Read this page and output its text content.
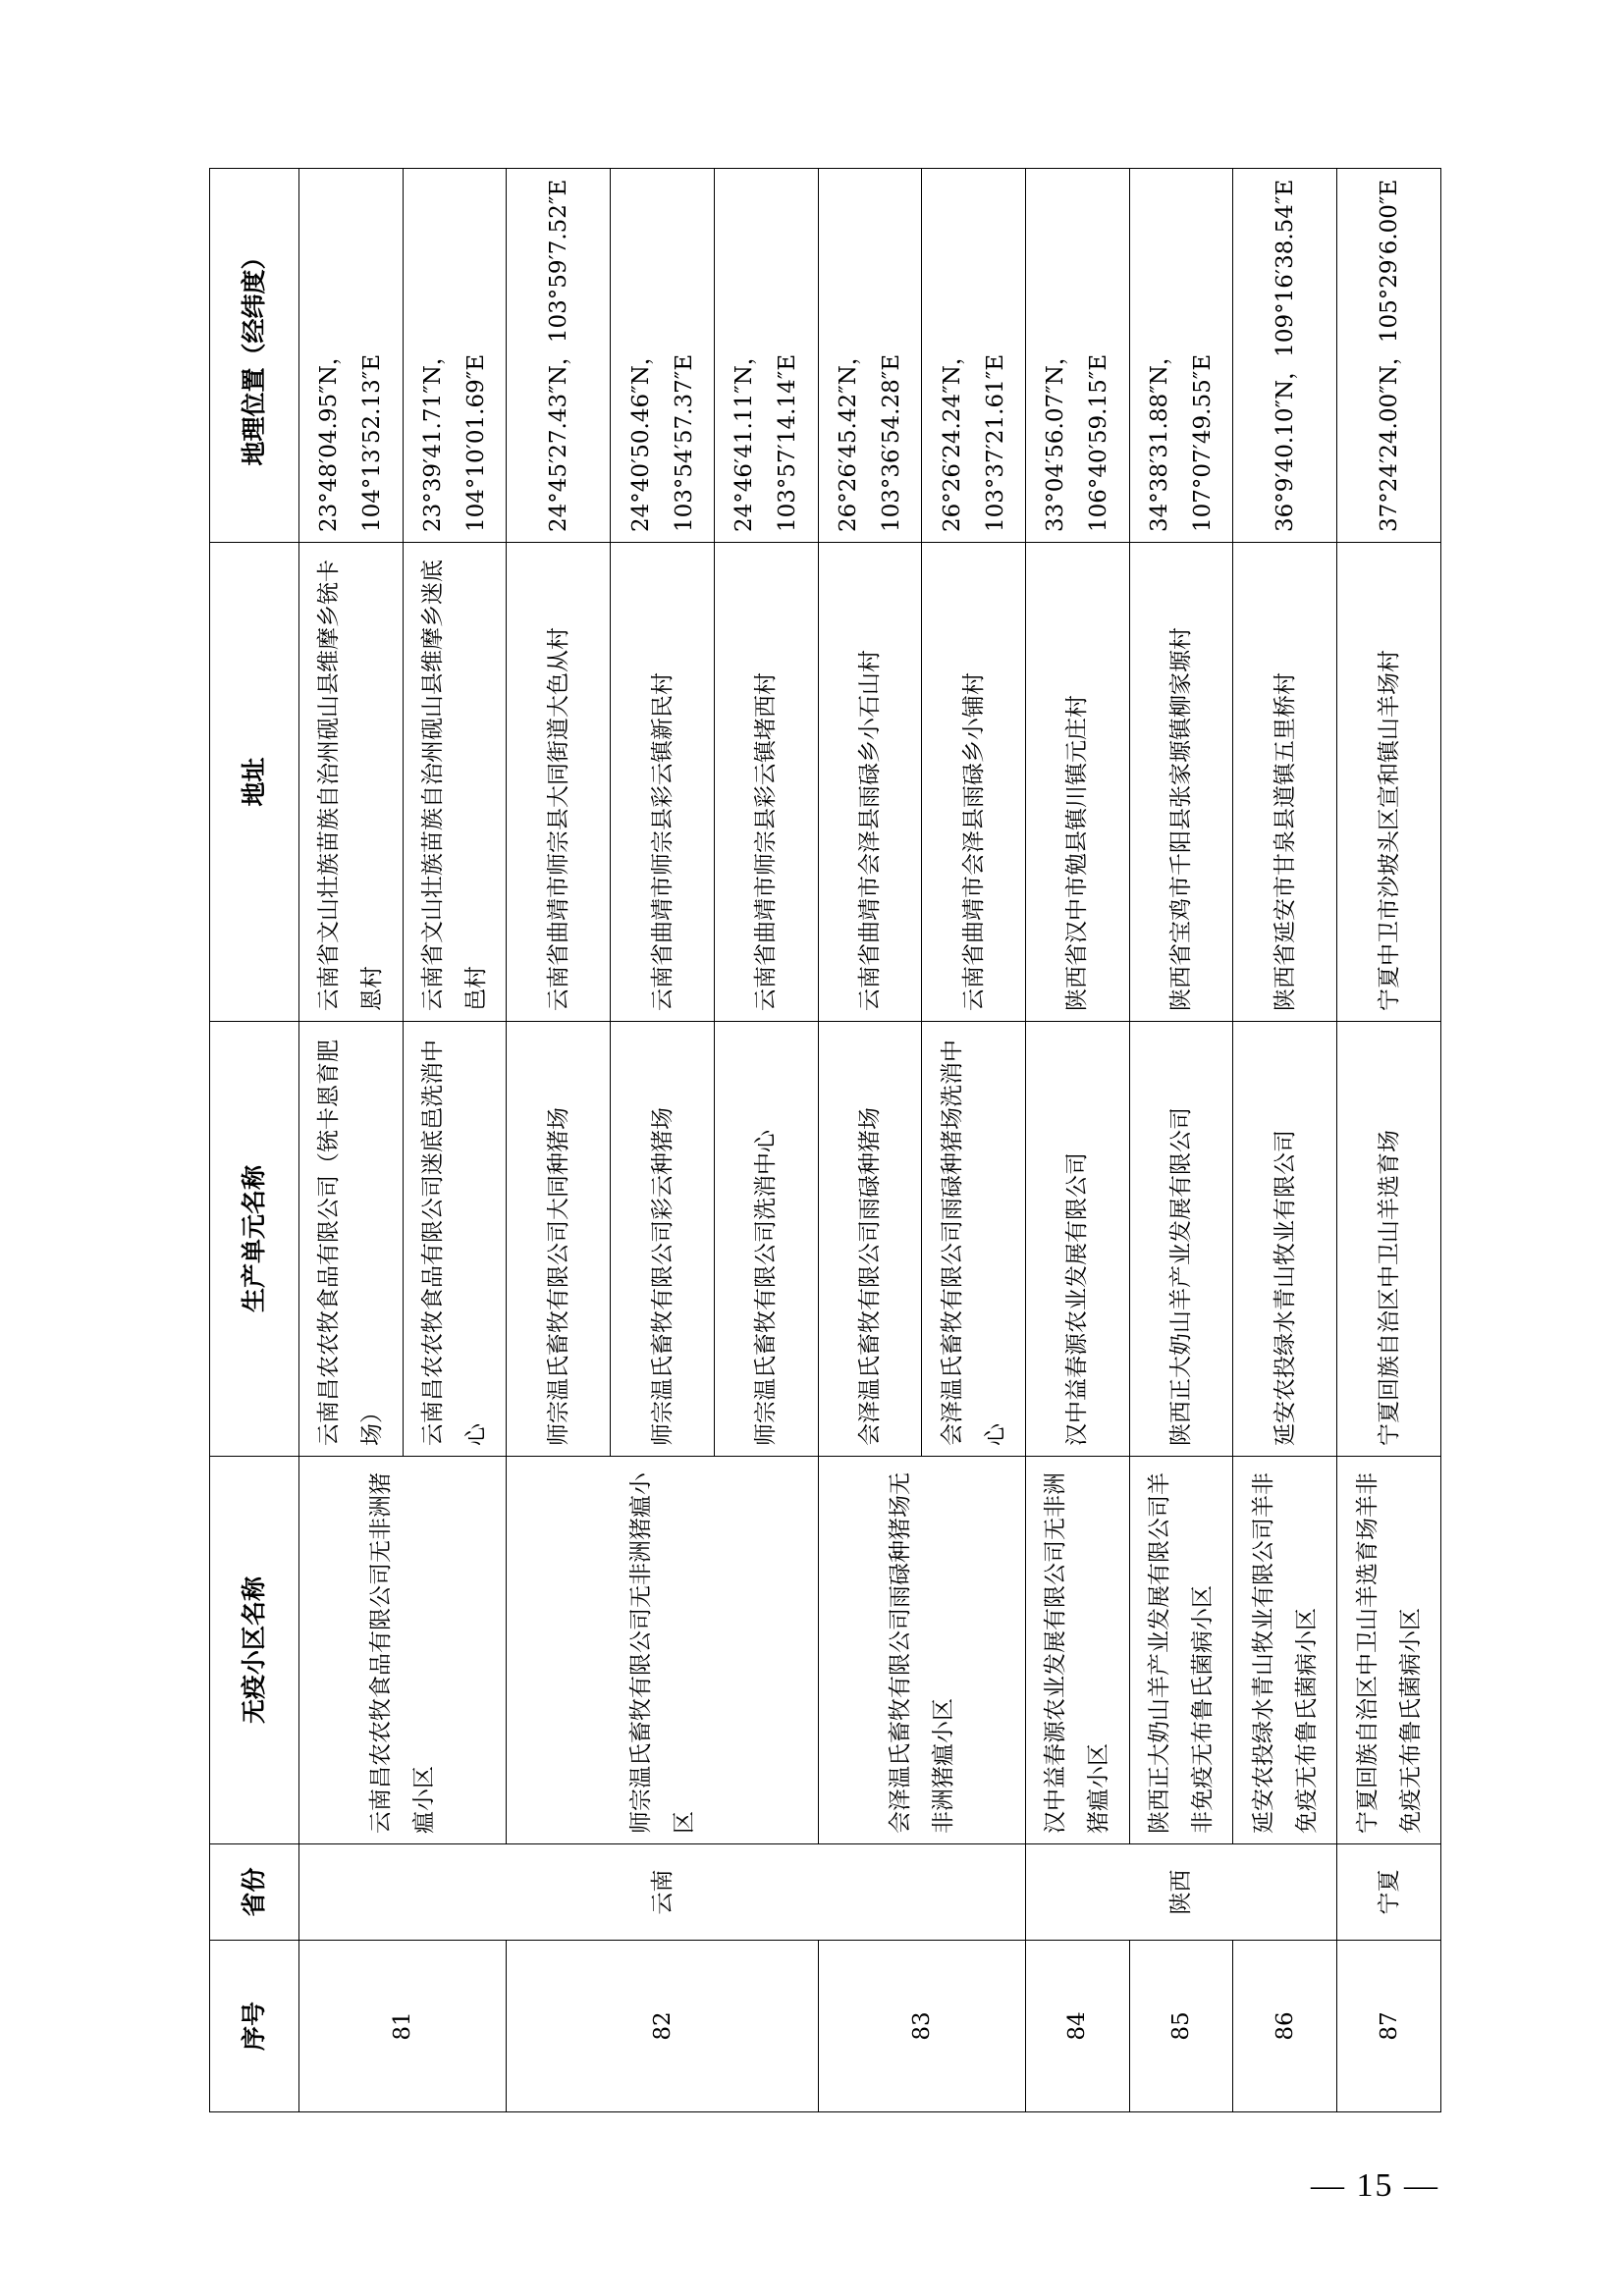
序号	省份	无疫小区名称	生产单元名称	地址	地理位置（经纬度）
81	云南	云南昌农农牧食品有限公司无非洲猪瘟小区	云南昌农农牧食品有限公司（铳卡恩育肥场）	云南省文山壮族苗族自治州砚山县维摩乡铳卡恩村	23°48′04.95″N，104°13′52.13″E
			云南昌农农牧食品有限公司迷底邑洗消中心	云南省文山壮族苗族自治州砚山县维摩乡迷底邑村	23°39′41.71″N，104°10′01.69″E
82		师宗温氏畜牧有限公司无非洲猪瘟小区	师宗温氏畜牧有限公司大同种猪场	云南省曲靖市师宗县大同街道大色从村	24°45′27.43″N，103°59′7.52″E
			师宗温氏畜牧有限公司彩云种猪场	云南省曲靖市师宗县彩云镇新民村	24°40′50.46″N，103°54′57.37″E
			师宗温氏畜牧有限公司洗消中心	云南省曲靖市师宗县彩云镇堵西村	24°46′41.11″N，103°57′14.14″E
83		会泽温氏畜牧有限公司雨碌种猪场无非洲猪瘟小区	会泽温氏畜牧有限公司雨碌种猪场	云南省曲靖市会泽县雨碌乡小石山村	26°26′45.42″N，103°36′54.28″E
			会泽温氏畜牧有限公司雨碌种猪场洗消中心	云南省曲靖市会泽县雨碌乡小铺村	26°26′24.24″N，103°37′21.61″E
84	陕西	汉中益春源农业发展有限公司无非洲猪瘟小区	汉中益春源农业发展有限公司	陕西省汉中市勉县镇川镇元庄村	33°04′56.07″N，106°40′59.15″E
85		陕西正大奶山羊产业发展有限公司羊非免疫无布鲁氏菌病小区	陕西正大奶山羊产业发展有限公司	陕西省宝鸡市千阳县张家塬镇柳家塬村	34°38′31.88″N，107°07′49.55″E
86		延安农投绿水青山牧业有限公司羊非免疫无布鲁氏菌病小区	延安农投绿水青山牧业有限公司	陕西省延安市甘泉县道镇五里桥村	36°9′40.10″N，109°16′38.54″E
87	宁夏	宁夏回族自治区中卫山羊选育场羊非免疫无布鲁氏菌病小区	宁夏回族自治区中卫山羊选育场	宁夏中卫市沙坡头区宣和镇山羊场村	37°24′24.00″N，105°29′6.00″E
— 15 —
